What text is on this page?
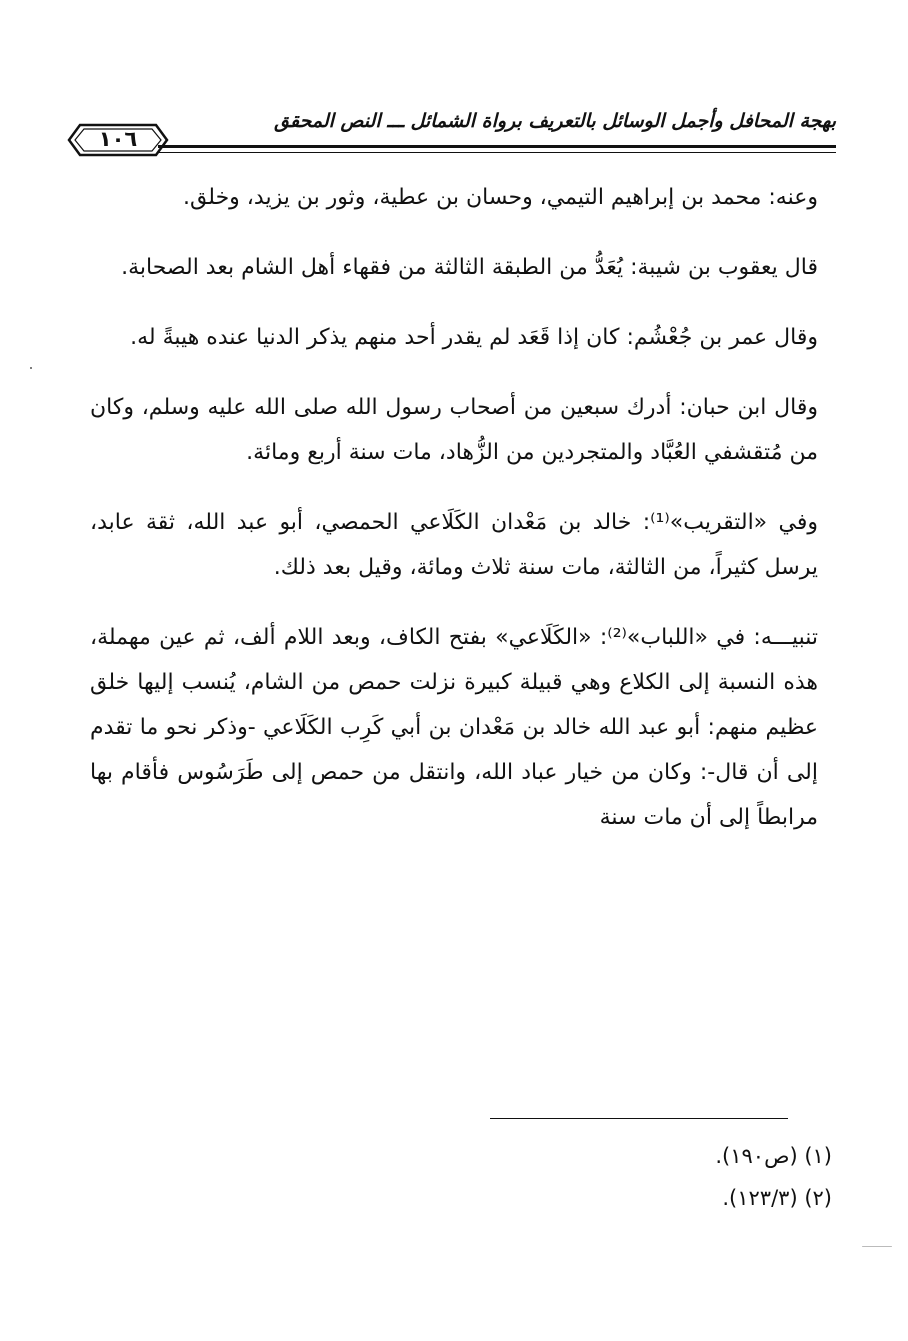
بهجة المحافل وأجمل الوسائل بالتعريف برواة الشمائل ـــ النص المحقق
١٠٦

وعنه: محمد بن إبراهيم التيمي، وحسان بن عطية، وثور بن يزيد، وخلق.

قال يعقوب بن شيبة: يُعَدُّ من الطبقة الثالثة من فقهاء أهل الشام بعد الصحابة.

وقال عمر بن جُعْشُم: كان إذا قَعَد لم يقدر أحد منهم يذكر الدنيا عنده هيبةً له.

وقال ابن حبان: أدرك سبعين من أصحاب رسول الله صلى الله عليه وسلم، وكان من مُتقشفي العُبَّاد والمتجردين من الزُّهاد، مات سنة أربع ومائة.

وفي «التقريب»⁽¹⁾: خالد بن مَعْدان الكَلَاعي الحمصي، أبو عبد الله، ثقة عابد، يرسل كثيراً، من الثالثة، مات سنة ثلاث ومائة، وقيل بعد ذلك.

تنبيـــه: في «اللباب»⁽²⁾: «الكَلَاعي» بفتح الكاف، وبعد اللام ألف، ثم عين مهملة، هذه النسبة إلى الكلاع وهي قبيلة كبيرة نزلت حمص من الشام، يُنسب إليها خلق عظيم منهم: أبو عبد الله خالد بن مَعْدان بن أبي كَرِب الكَلَاعي -وذكر نحو ما تقدم إلى أن قال-: وكان من خيار عباد الله، وانتقل من حمص إلى طَرَسُوس فأقام بها مرابطاً إلى أن مات سنة

(١) (ص١٩٠).

(٢) (١٢٣/٣).
